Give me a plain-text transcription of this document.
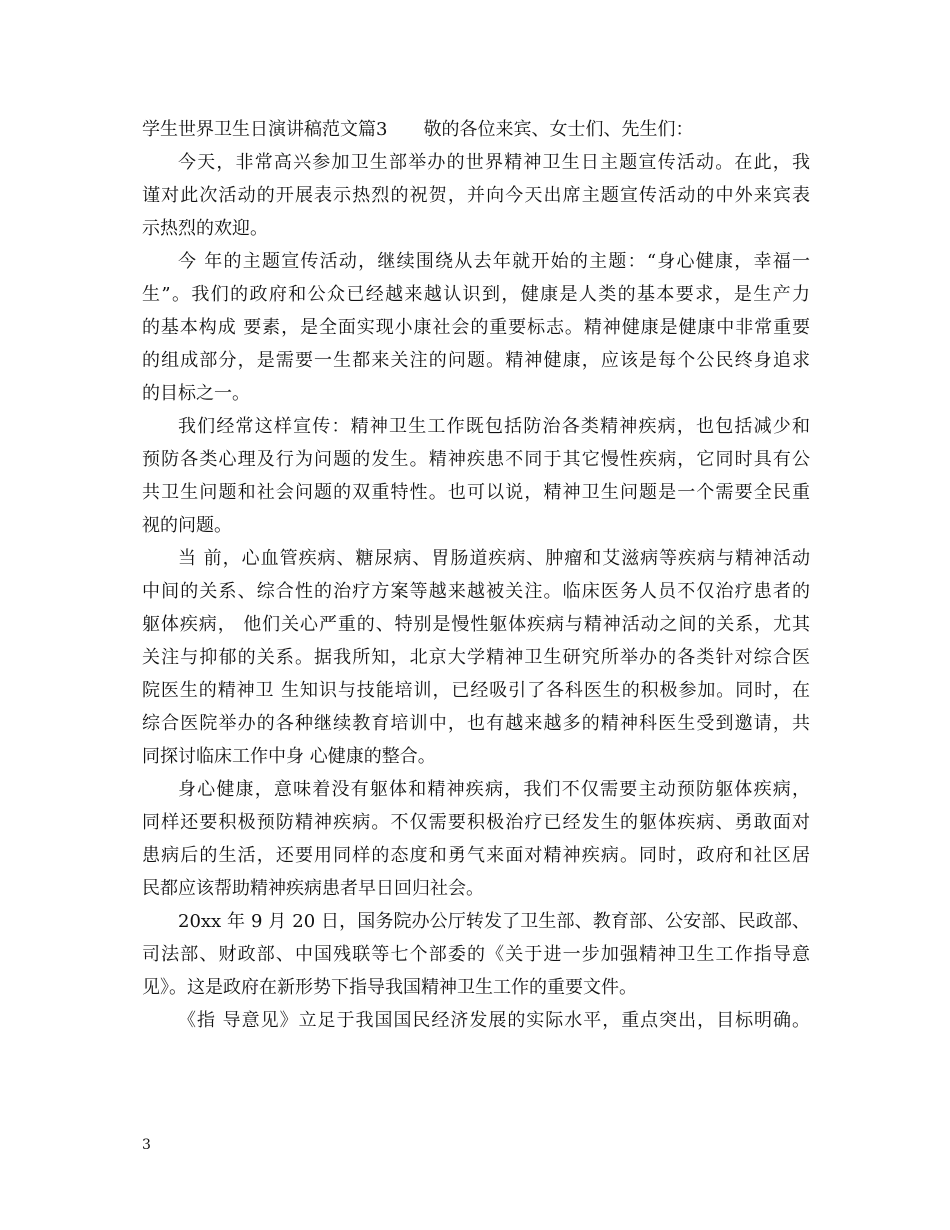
学生世界卫生日演讲稿范文篇3　　敬的各位来宾、女士们、先生们：
今天，非常高兴参加卫生部举办的世界精神卫生日主题宣传活动。在此，我
谨对此次活动的开展表示热烈的祝贺，并向今天出席主题宣传活动的中外来宾表
示热烈的欢迎。
今 年的主题宣传活动，继续围绕从去年就开始的主题：“身心健康，幸福一
生”。我们的政府和公众已经越来越认识到，健康是人类的基本要求，是生产力
的基本构成 要素，是全面实现小康社会的重要标志。精神健康是健康中非常重要
的组成部分，是需要一生都来关注的问题。精神健康，应该是每个公民终身追求
的目标之一。
我们经常这样宣传：精神卫生工作既包括防治各类精神疾病，也包括减少和
预防各类心理及行为问题的发生。精神疾患不同于其它慢性疾病，它同时具有公
共卫生问题和社会问题的双重特性。也可以说，精神卫生问题是一个需要全民重
视的问题。
当 前，心血管疾病、糖尿病、胃肠道疾病、肿瘤和艾滋病等疾病与精神活动
中间的关系、综合性的治疗方案等越来越被关注。临床医务人员不仅治疗患者的
躯体疾病， 他们关心严重的、特别是慢性躯体疾病与精神活动之间的关系，尤其
关注与抑郁的关系。据我所知，北京大学精神卫生研究所举办的各类针对综合医
院医生的精神卫 生知识与技能培训，已经吸引了各科医生的积极参加。同时，在
综合医院举办的各种继续教育培训中，也有越来越多的精神科医生受到邀请，共
同探讨临床工作中身 心健康的整合。
身心健康，意味着没有躯体和精神疾病，我们不仅需要主动预防躯体疾病，
同样还要积极预防精神疾病。不仅需要积极治疗已经发生的躯体疾病、勇敢面对
患病后的生活，还要用同样的态度和勇气来面对精神疾病。同时，政府和社区居
民都应该帮助精神疾病患者早日回归社会。
20xx 年 9 月 20 日，国务院办公厅转发了卫生部、教育部、公安部、民政部、
司法部、财政部、中国残联等七个部委的《关于进一步加强精神卫生工作指导意
见》。这是政府在新形势下指导我国精神卫生工作的重要文件。
《指 导意见》立足于我国国民经济发展的实际水平，重点突出，目标明确。
3
